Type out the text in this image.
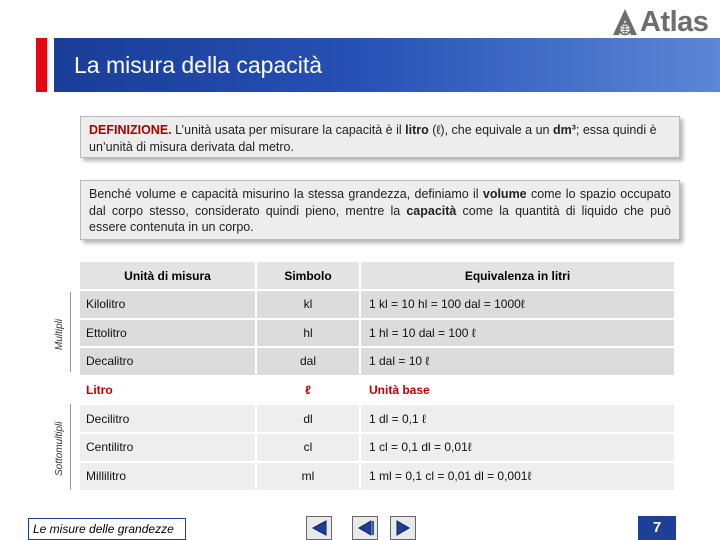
Atlas
La misura della capacità
DEFINIZIONE. L’unità usata per misurare la capacità è il litro (ℓ), che equivale a un dm³; essa quindi è un’unità di misura derivata dal metro.
Benché volume e capacità misurino la stessa grandezza, definiamo il volume come lo spazio occupato dal corpo stesso, considerato quindi pieno, mentre la capacità come la quantità di liquido che può essere contenuta in un corpo.
Multipli
Sottomultipli
Unità di misura	Simbolo	Equivalenza in litri
Kilolitro	kl	1 kl = 10 hl = 100 dal = 1000ℓ
Ettolitro	hl	1 hl = 10 dal = 100 ℓ
Decalitro	dal	1 dal = 10 ℓ
Litro	ℓ	Unità base
Decilitro	dl	1 dl = 0,1 ℓ
Centilitro	cl	1 cl = 0,1 dl = 0,01ℓ
Millilitro	ml	1 ml = 0,1 cl = 0,01 dl = 0,001ℓ
Le misure delle grandezze	7
